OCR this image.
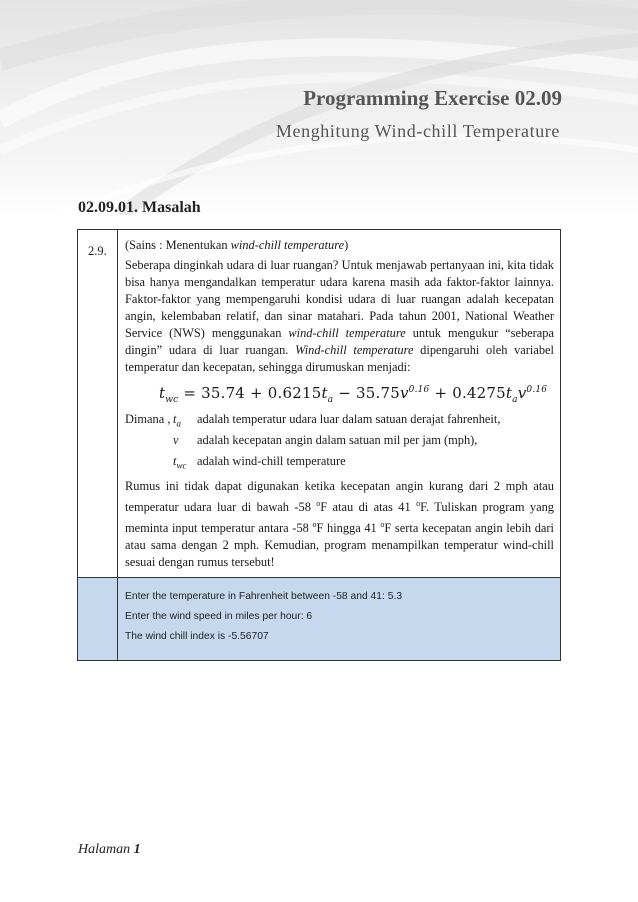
Programming Exercise 02.09
Menghitung Wind-chill Temperature
02.09.01. Masalah
2.9.	(Sains : Menentukan wind-chill temperature)

Seberapa dinginkah udara di luar ruangan? Untuk menjawab pertanyaan ini, kita tidak bisa hanya mengandalkan temperatur udara karena masih ada faktor-faktor lainnya. Faktor-faktor yang mempengaruhi kondisi udara di luar ruangan adalah kecepatan angin, kelembaban relatif, dan sinar matahari. Pada tahun 2001, National Weather Service (NWS) menggunakan wind-chill temperature untuk mengukur “seberapa dingin” udara di luar ruangan. Wind-chill temperature dipengaruhi oleh variabel temperatur dan kecepatan, sehingga dirumuskan menjadi:

$t_{wc} = 35.74 + 0.6215t_a - 35.75v^{0.16} + 0.4275t_av^{0.16}$

Dimana , $t_a$	adalah temperatur udara luar dalam satuan derajat fahrenheit,
v	adalah kecepatan angin dalam satuan mil per jam (mph),
$t_{wc}$ adalah wind-chill temperature

Rumus ini tidak dapat digunakan ketika kecepatan angin kurang dari 2 mph atau temperatur udara luar di bawah -58 $^o$F atau di atas 41 $^o$F. Tuliskan program yang meminta input temperatur antara -58 $^o$F hingga 41 $^o$F serta kecepatan angin lebih dari atau sama dengan 2 mph. Kemudian, program menampilkan temperatur wind-chill sesuai dengan rumus tersebut!

Enter the temperature in Fahrenheit between -58 and 41: 5.3
Enter the wind speed in miles per hour: 6
The wind chill index is -5.56707
Halaman 1
